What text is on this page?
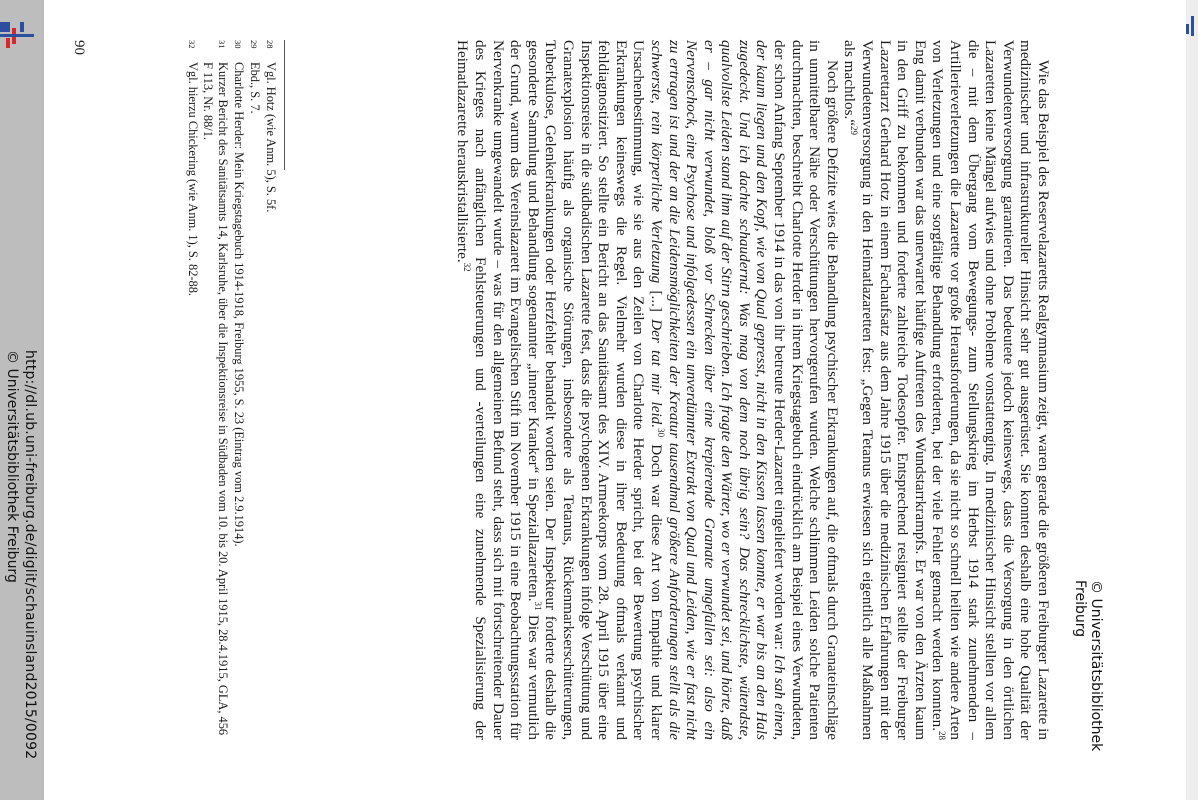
© Universitätsbibliothek Freiburg

Wie das Beispiel des Reservelazaretts Realgymnasium zeigt, waren gerade die größeren Freiburger Lazarette in medizinischer und infrastruktureller Hinsicht sehr gut ausgerüstet. Sie konnten deshalb eine hohe Qualität der Verwundetenversorgung garantieren. Das bedeutete jedoch keineswegs, dass die Versorgung in den örtlichen Lazaretten keine Mängel aufwies und ohne Probleme vonstattenging. In medizinischer Hinsicht stellten vor allem die – mit dem Übergang vom Bewegungs- zum Stellungskrieg im Herbst 1914 stark zunehmenden – Artillerieverletzungen die Lazarette vor große Herausforderungen, da sie nicht so schnell heilten wie andere Arten von Verletzungen und eine sorgfältige Behandlung erforderten, bei der viele Fehler gemacht werden konnten.$^{28}$ Eng damit verbunden war das unerwartet häufige Auftreten des Wundstarrkrampfs. Er war von den Ärzten kaum in den Griff zu bekommen und forderte zahlreiche Todesopfer. Entsprechend resigniert stellte der Freiburger Lazarettarzt Gerhard Hotz in einem Fachaufsatz aus dem Jahre 1915 über die medizinischen Erfahrungen mit der Verwundetenversorgung in den Heimatlazaretten fest: „Gegen Tetanus erwiesen sich eigentlich alle Maßnahmen als machtlos.“$^{29}$

Noch größere Defizite wies die Behandlung psychischer Erkrankungen auf, die oftmals durch Granateinschläge in unmittelbarer Nähe oder Verschüttungen hervorgerufen wurden. Welche schlimmen Leiden solche Patienten durchmachten, beschreibt Charlotte Herder in ihrem Kriegstagebuch eindrücklich am Beispiel eines Verwundeten, der schon Anfang September 1914 in das von ihr betreute Herder-Lazarett eingeliefert worden war: Ich sah einen, der kaum liegen und den Kopf, wie von Qual gepresst, nicht in den Kissen lassen konnte, er war bis an den Hals zugedeckt. Und ich dachte schaudernd: Was mag von dem noch übrig sein? Das schrecklichste, wütendste, qualvollste Leiden stand ihm auf der Stirn geschrieben. Ich fragte den Wärter, wo er verwundet sei, und hörte, daß er – gar nicht verwundet, bloß vor Schrecken über eine krepierende Granate umgefallen sei: also ein Nervenschock, eine Psychose und infolgedessen ein unverdünnter Extrakt von Qual und Leiden, wie er fast nicht zu ertragen ist und der an die Leidensmöglichkeiten der Kreatur tausendmal größere Anforderungen stellt als die schwerste, rein körperliche Verletzung [...] Der tat mir leid.$^{30}$ Doch war diese Art von Empathie und klarer Ursachenbestimmung, wie sie aus den Zeilen von Charlotte Herder spricht, bei der Bewertung psychischer Erkrankungen keineswegs die Regel. Vielmehr wurden diese in ihrer Bedeutung oftmals verkannt und fehldiagnostiziert. So stellte ein Bericht an das Sanitätsamt des XIV. Armeekorps vom 28. April 1915 über eine Inspektionsreise in die südbadischen Lazarette fest, dass die psychogenen Erkrankungen infolge Verschüttung und Granatexplosion häufig als organische Störungen, insbesondere als Tetanus, Rückenmarkserschütterungen, Tuberkulose, Gelenkerkrankungen oder Herzfehler behandelt worden seien. Der Inspekteur forderte deshalb die gesonderte Sammlung und Behandlung sogenannter „innerer Kranker“ in Speziallazaretten.$^{31}$ Dies war vermutlich der Grund, warum das Vereinslazarett im Evangelischen Stift im November 1915 in eine Beobachtungsstation für Nervenkranke umgewandelt wurde – was für den allgemeinen Befund steht, dass sich mit fortschreitender Dauer des Krieges nach anfänglichen Fehlsteuerungen und -verteilungen eine zunehmende Spezialisierung der Heimatlazarette herauskristallisierte.$^{32}$

28
Vgl. Hotz (wie Anm. 5), S. 5f.
29
Ebd., S. 7.
30
Charlotte Herder: Mein Kriegstagebuch 1914-1918, Freiburg 1955, S. 23 (Eintrag vom 2.9.1914).
31
Kurzer Bericht des Sanitätsamts 14, Karlsruhe, über die Inspektionsreise in Südbaden vom 10. bis 20. April 1915, 28.4.1915, GLA, 456 F 113, Nr. 88/1.
32
Vgl. hierzu Chickering (wie Anm. 1), S. 82-88.
90
http://dl.ub.uni-freiburg.de/diglit/schauinsland2015/0092
© Universitätsbibliothek Freiburg
